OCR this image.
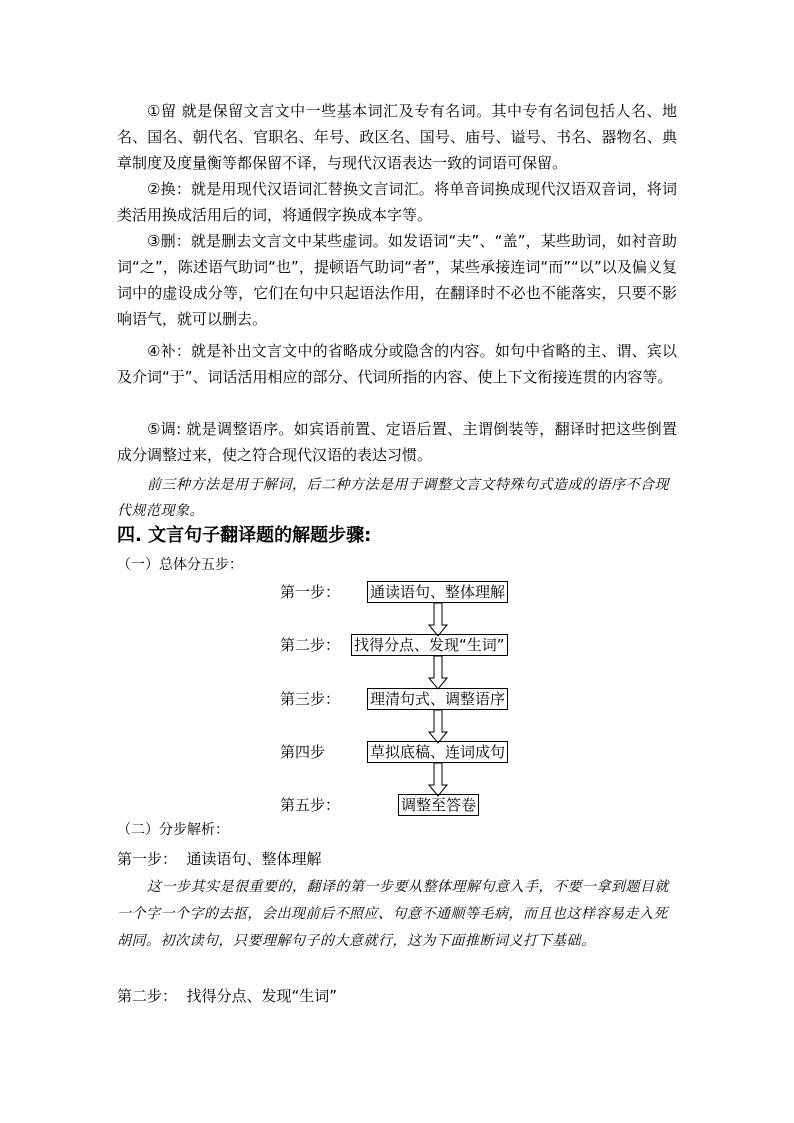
①留 就是保留文言文中一些基本词汇及专有名词。其中专有名词包括人名、地名、国名、朝代名、官职名、年号、政区名、国号、庙号、谥号、书名、器物名、典章制度及度量衡等都保留不译，与现代汉语表达一致的词语可保留。
②换：就是用现代汉语词汇替换文言词汇。将单音词换成现代汉语双音词，将词类活用换成活用后的词，将通假字换成本字等。
③删：就是删去文言文中某些虚词。如发语词“夫”、“盖”，某些助词，如衬音助词“之”，陈述语气助词“也”，提顿语气助词“者”，某些承接连词“而”“以”以及偏义复词中的虚设成分等，它们在句中只起语法作用，在翻译时不必也不能落实，只要不影响语气，就可以删去。
④补：就是补出文言文中的省略成分或隐含的内容。如句中省略的主、谓、宾以及介词“于”、词话活用相应的部分、代词所指的内容、使上下文衔接连贯的内容等。
⑤调: 就是调整语序。如宾语前置、定语后置、主谓倒装等，翻译时把这些倒置成分调整过来，使之符合现代汉语的表达习惯。
前三种方法是用于解词，后二种方法是用于调整文言文特殊句式造成的语序不合现代规范现象。
四. 文言句子翻译题的解题步骤:
（一）总体分五步：
第一步： 通读语句、整体理解
第二步： 找得分点、发现“生词”
第三步： 理清句式、调整语序
第四步	草拟底稿、连词成句
第五步：	调整至答卷
（二）分步解析：
第一步：  通读语句、整体理解
这一步其实是很重要的，翻译的第一步要从整体理解句意入手，不要一拿到题目就一个字一个字的去抠，会出现前后不照应、句意不通顺等毛病，而且也这样容易走入死胡同。初次读句，只要理解句子的大意就行，这为下面推断词义打下基础。
第二步：  找得分点、发现“生词”
